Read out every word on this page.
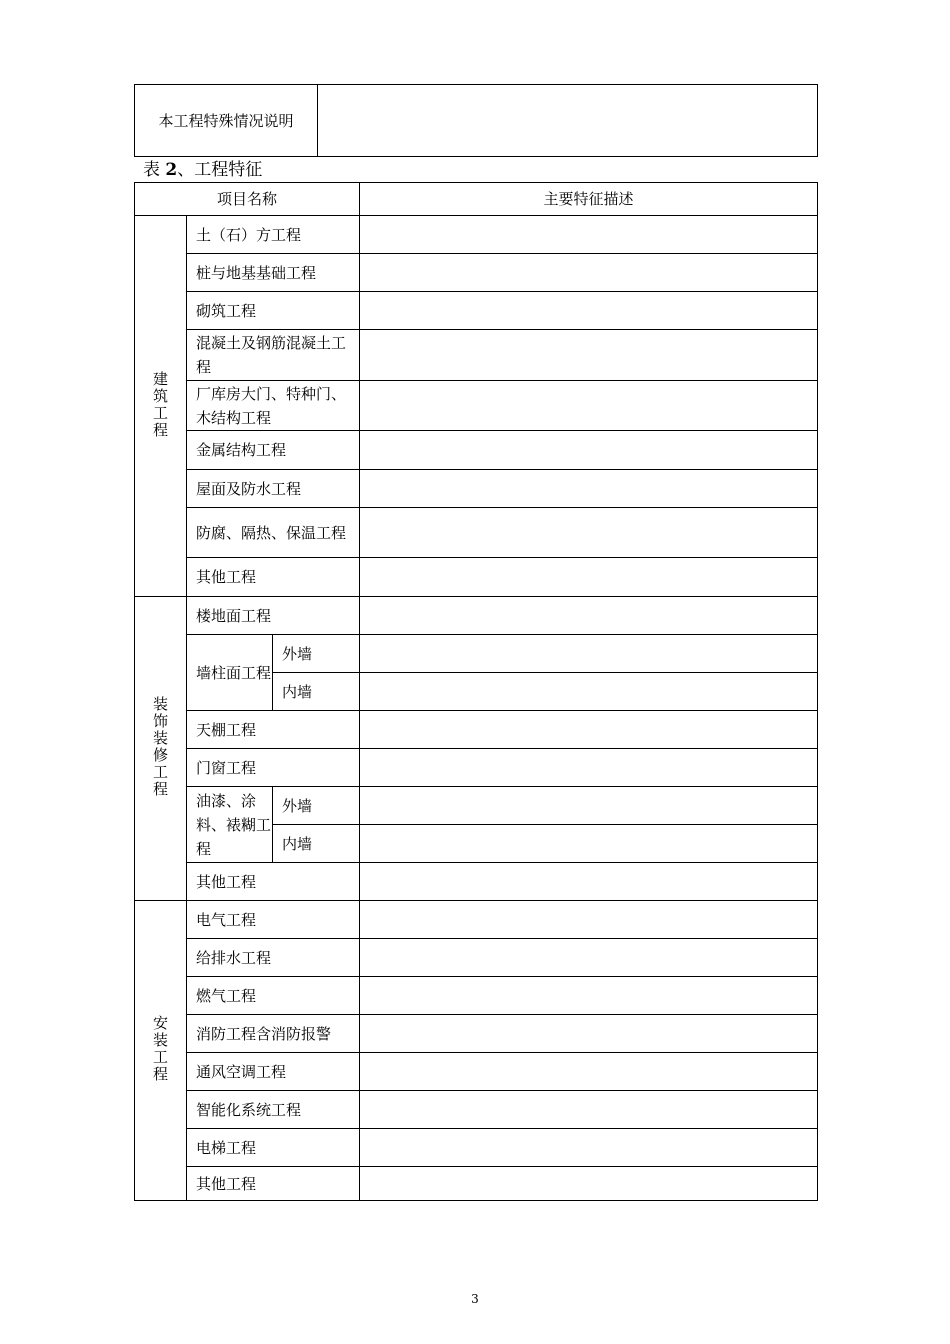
本工程特殊情况说明	
表 2、工程特征
项目名称			主要特征描述
建筑工程	土（石）方工程		
	桩与地基基础工程		
	砌筑工程		
	混凝土及钢筋混凝土工程		
	厂库房大门、特种门、木结构工程		
	金属结构工程		
	屋面及防水工程		
	防腐、隔热、保温工程		
	其他工程		
装饰装修工程	楼地面工程		
	墙柱面工程	外墙	
		内墙	
	天棚工程		
	门窗工程		
	油漆、涂料、裱糊工程	外墙	
		内墙	
	其他工程		
安装工程	电气工程		
	给排水工程		
	燃气工程		
	消防工程含消防报警		
	通风空调工程		
	智能化系统工程		
	电梯工程		
	其他工程		
3
